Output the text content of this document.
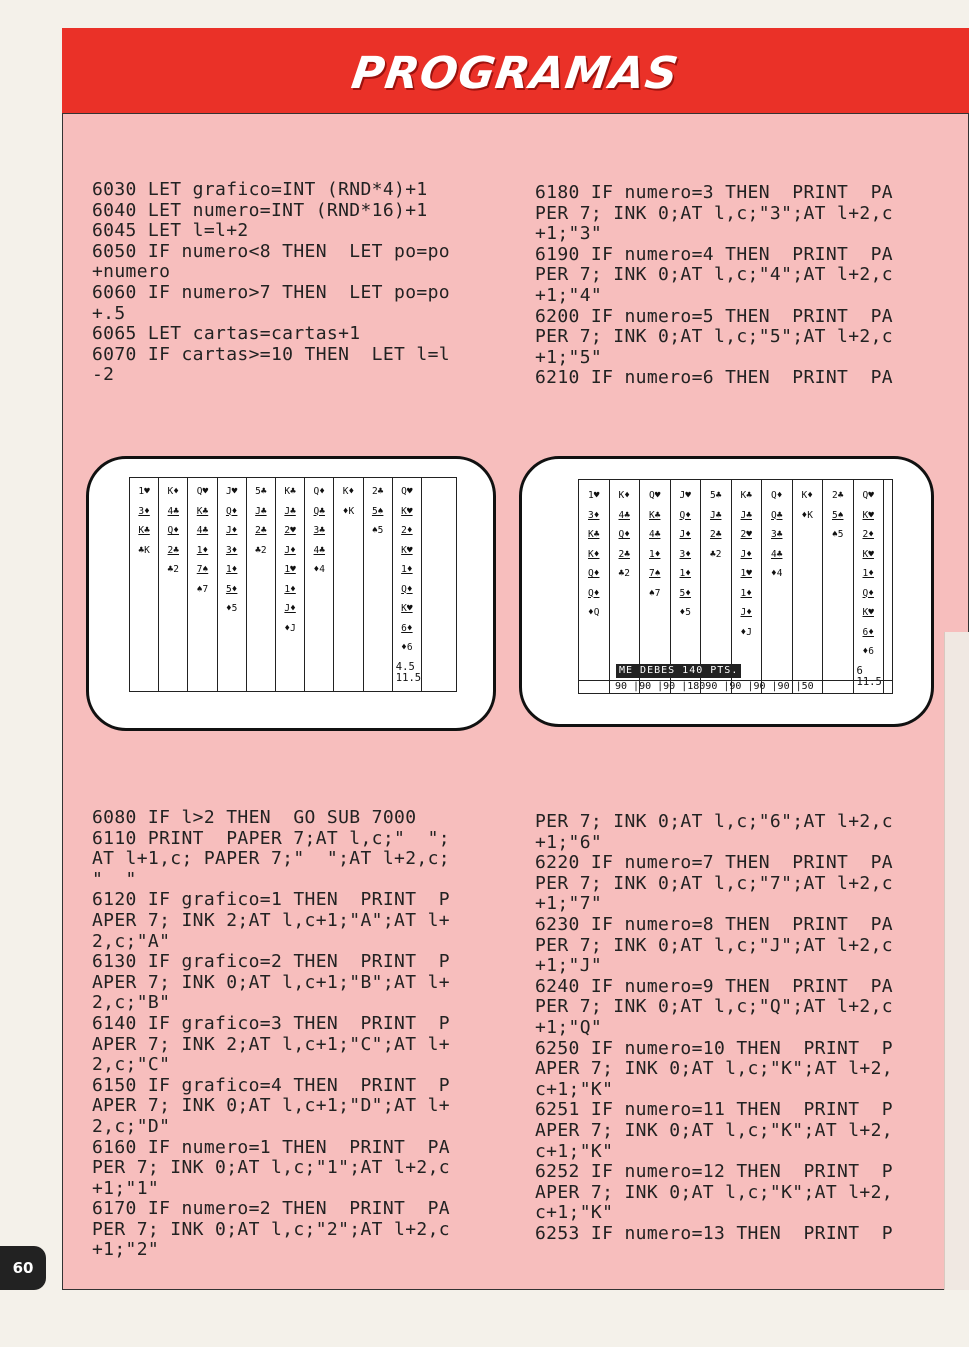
PROGRAMAS
6030 LET grafico=INT (RND*4)+1
6040 LET numero=INT (RND*16)+1
6045 LET l=l+2
6050 IF numero<8 THEN  LET po=po
+numero
6060 IF numero>7 THEN  LET po=po
+.5
6065 LET cartas=cartas+1
6070 IF cartas>=10 THEN  LET l=l
-2
6180 IF numero=3 THEN  PRINT  PA
PER 7; INK 0;AT l,c;"3";AT l+2,c
+1;"3"
6190 IF numero=4 THEN  PRINT  PA
PER 7; INK 0;AT l,c;"4";AT l+2,c
+1;"4"
6200 IF numero=5 THEN  PRINT  PA
PER 7; INK 0;AT l,c;"5";AT l+2,c
+1;"5"
6210 IF numero=6 THEN  PRINT  PA
1♥
3♦
K♣
♣K
K♦
4♣
Q♦
2♣
♣2
Q♥
K♣
4♣
1♦
7♠
♠7
J♥
Q♦
J♦
3♦
1♦
5♦
♦5
5♣
J♣
2♣
♣2
K♣
J♣
2♥
J♦
1♥
1♦
J♦
♦J
Q♦
Q♣
3♣
4♣
♦4
K♦
♦K
2♣
5♠
♠5
Q♥
K♥
2♦
K♥
1♦
Q♦
K♥
6♦
♦6
4.5
11.5
1♥
3♦
K♣
K♦
Q♦
Q♦
♦Q
K♦
4♣
Q♦
2♣
♣2
Q♥
K♣
4♣
1♦
7♠
♠7
J♥
Q♦
J♦
3♦
1♦
5♦
♦5
5♣
J♣
2♣
♣2
K♣
J♣
2♥
J♦
1♥
1♦
J♦
♦J
Q♦
Q♣
3♣
4♣
♦4
K♦
♦K
2♣
5♠
♠5
Q♥
K♥
2♦
K♥
1♦
Q♦
K♥
6♦
♦6
6
11.5
ME DEBES 140 PTS.
90 |90 |90 |18090 |90 |90 |90 |50
6080 IF l>2 THEN  GO SUB 7000
6110 PRINT  PAPER 7;AT l,c;"  ";
AT l+1,c; PAPER 7;"  ";AT l+2,c;
"  "
6120 IF grafico=1 THEN  PRINT  P
APER 7; INK 2;AT l,c+1;"A";AT l+
2,c;"A"
6130 IF grafico=2 THEN  PRINT  P
APER 7; INK 0;AT l,c+1;"B";AT l+
2,c;"B"
6140 IF grafico=3 THEN  PRINT  P
APER 7; INK 2;AT l,c+1;"C";AT l+
2,c;"C"
6150 IF grafico=4 THEN  PRINT  P
APER 7; INK 0;AT l,c+1;"D";AT l+
2,c;"D"
6160 IF numero=1 THEN  PRINT  PA
PER 7; INK 0;AT l,c;"1";AT l+2,c
+1;"1"
6170 IF numero=2 THEN  PRINT  PA
PER 7; INK 0;AT l,c;"2";AT l+2,c
+1;"2"
PER 7; INK 0;AT l,c;"6";AT l+2,c
+1;"6"
6220 IF numero=7 THEN  PRINT  PA
PER 7; INK 0;AT l,c;"7";AT l+2,c
+1;"7"
6230 IF numero=8 THEN  PRINT  PA
PER 7; INK 0;AT l,c;"J";AT l+2,c
+1;"J"
6240 IF numero=9 THEN  PRINT  PA
PER 7; INK 0;AT l,c;"Q";AT l+2,c
+1;"Q"
6250 IF numero=10 THEN  PRINT  P
APER 7; INK 0;AT l,c;"K";AT l+2,
c+1;"K"
6251 IF numero=11 THEN  PRINT  P
APER 7; INK 0;AT l,c;"K";AT l+2,
c+1;"K"
6252 IF numero=12 THEN  PRINT  P
APER 7; INK 0;AT l,c;"K";AT l+2,
c+1;"K"
6253 IF numero=13 THEN  PRINT  P
60
